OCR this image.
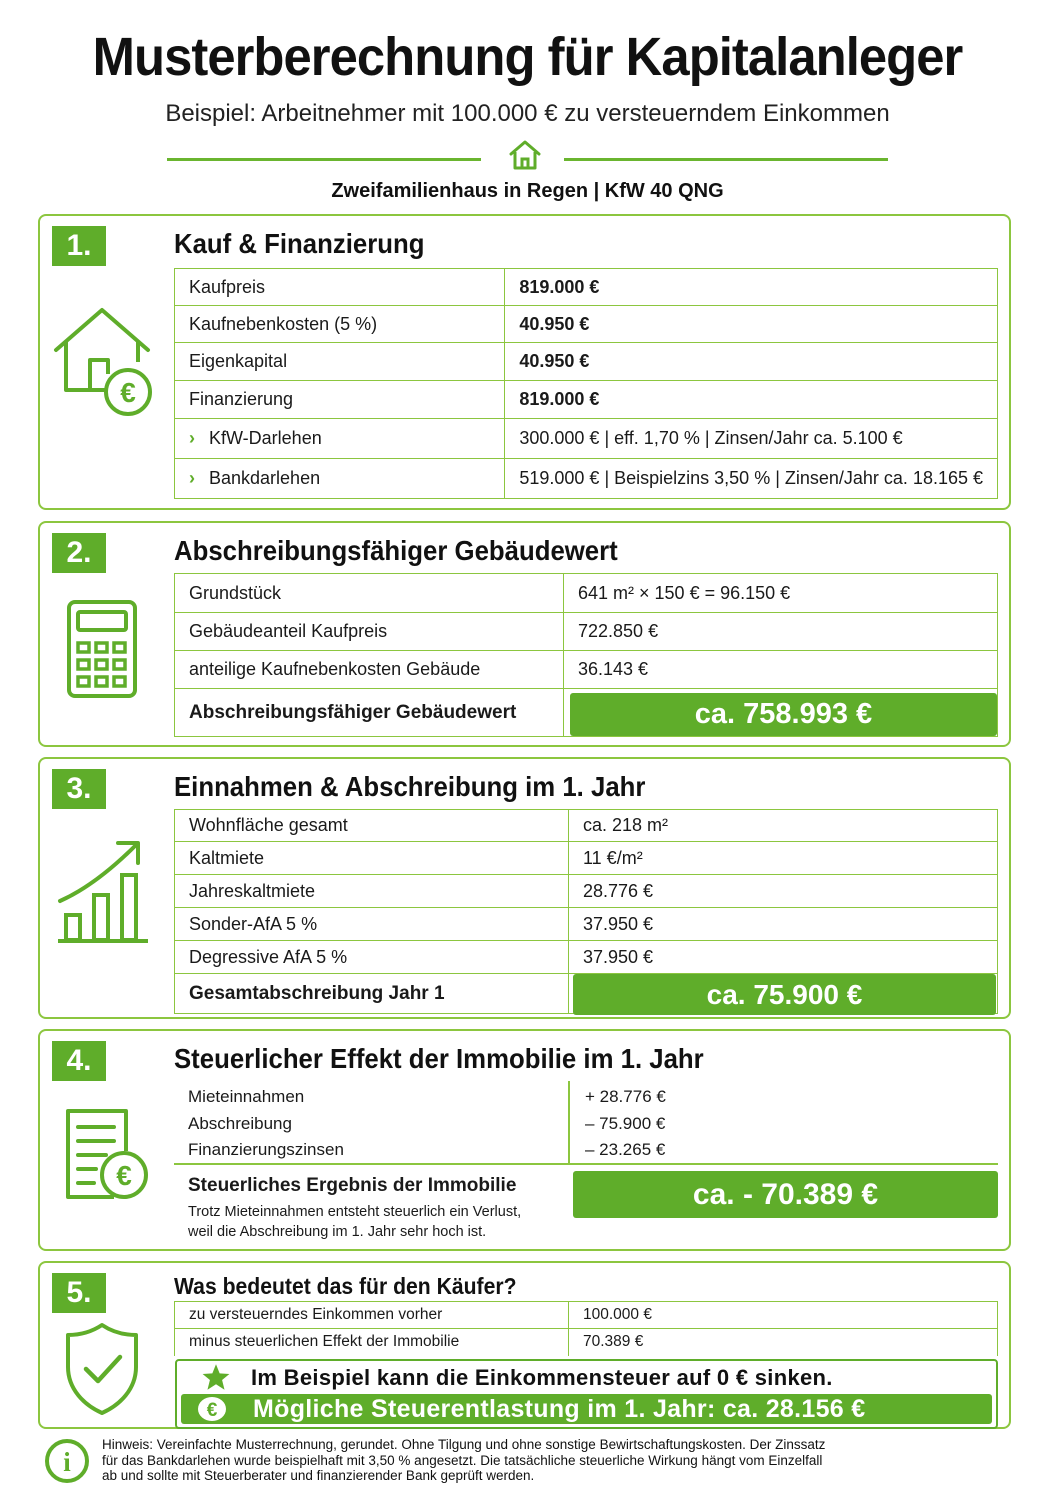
Musterberechnung für Kapitalanleger
Beispiel: Arbeitnehmer mit 100.000 € zu versteuerndem Einkommen
Zweifamilienhaus in Regen | KfW 40 QNG
1.	Kauf & Finanzierung
€
Kaufpreis	819.000 €
Kaufnebenkosten (5 %)	40.950 €
Eigenkapital	40.950 €
Finanzierung	819.000 €
› KfW-Darlehen	300.000 € | eff. 1,70 % | Zinsen/Jahr ca. 5.100 €
› Bankdarlehen	519.000 € | Beispielzins 3,50 % | Zinsen/Jahr ca. 18.165 €
2.	Abschreibungsfähiger Gebäudewert
Grundstück	641 m² × 150 € = 96.150 €
Gebäudeanteil Kaufpreis	722.850 €
anteilige Kaufnebenkosten Gebäude	36.143 €
Abschreibungsfähiger Gebäudewert		ca. 758.993 €
3.	Einnahmen & Abschreibung im 1. Jahr
Wohnfläche gesamt	ca. 218 m²
Kaltmiete	11 €/m²
Jahreskaltmiete	28.776 €
Sonder-AfA 5 %	37.950 €
Degressive AfA 5 %	37.950 €
Gesamtabschreibung Jahr 1		ca. 75.900 €
4.	Steuerlicher Effekt der Immobilie im 1. Jahr
€
Mieteinnahmen	+ 28.776 €
Abschreibung	– 75.900 €
Finanzierungszinsen	– 23.265 €
Steuerliches Ergebnis der Immobilie
Trotz Mieteinnahmen entsteht steuerlich ein Verlust,
weil die Abschreibung im 1. Jahr sehr hoch ist.
ca. - 70.389 €
5.	Was bedeutet das für den Käufer?
zu versteuerndes Einkommen vorher	100.000 €
minus steuerlichen Effekt der Immobilie	70.389 €
Im Beispiel kann die Einkommensteuer auf 0 € sinken.
€ Mögliche Steuerentlastung im 1. Jahr: ca. 28.156 €
i
Hinweis: Vereinfachte Musterrechnung, gerundet. Ohne Tilgung und ohne sonstige Bewirtschaftungskosten. Der Zinssatz
für das Bankdarlehen wurde beispielhaft mit 3,50 % angesetzt. Die tatsächliche steuerliche Wirkung hängt vom Einzelfall
ab und sollte mit Steuerberater und finanzierender Bank geprüft werden.
